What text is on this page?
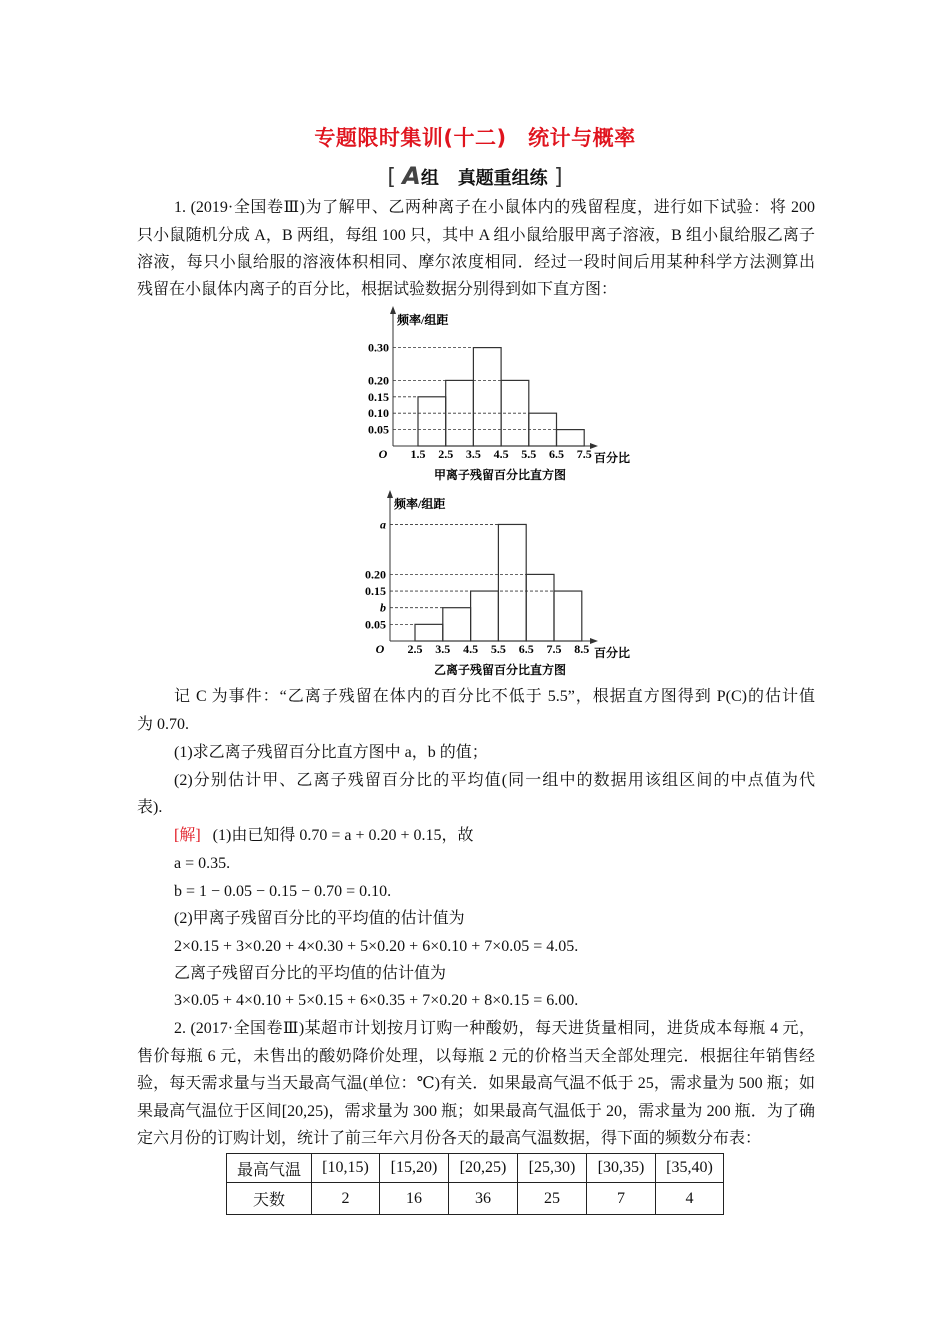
专题限时集训(十二)　统计与概率
[ A组 真题重组练 ]
1. (2019·全国卷Ⅲ)为了解甲、乙两种离子在小鼠体内的残留程度，进行如下试验：将 200
只小鼠随机分成 A，B 两组，每组 100 只，其中 A 组小鼠给服甲离子溶液，B 组小鼠给服乙离子
溶液，每只小鼠给服的溶液体积相同、摩尔浓度相同．经过一段时间后用某种科学方法测算出
残留在小鼠体内离子的百分比，根据试验数据分别得到如下直方图：
0.05
0.10
0.15
0.20
0.30
频率/组距
O 1.5 2.5 3.5 4.5 5.5 6.5 7.5 百分比
甲离子残留百分比直方图
0.05
b
0.15
0.20
a
频率/组距
O 2.5 3.5 4.5 5.5 6.5 7.5 8.5 百分比
乙离子残留百分比直方图
记 C 为事件：“乙离子残留在体内的百分比不低于 5.5”，根据直方图得到 P(C)的估计值
为 0.70.
(1)求乙离子残留百分比直方图中 a，b 的值；
(2)分别估计甲、乙离子残留百分比的平均值(同一组中的数据用该组区间的中点值为代
表).
[解] (1)由已知得 0.70 = a + 0.20 + 0.15，故
a = 0.35.
b = 1 − 0.05 − 0.15 − 0.70 = 0.10.
(2)甲离子残留百分比的平均值的估计值为
2×0.15 + 3×0.20 + 4×0.30 + 5×0.20 + 6×0.10 + 7×0.05 = 4.05.
乙离子残留百分比的平均值的估计值为
3×0.05 + 4×0.10 + 5×0.15 + 6×0.35 + 7×0.20 + 8×0.15 = 6.00.
2. (2017·全国卷Ⅲ)某超市计划按月订购一种酸奶，每天进货量相同，进货成本每瓶 4 元，
售价每瓶 6 元，未售出的酸奶降价处理，以每瓶 2 元的价格当天全部处理完．根据往年销售经
验，每天需求量与当天最高气温(单位：℃)有关．如果最高气温不低于 25，需求量为 500 瓶；如
果最高气温位于区间[20,25)，需求量为 300 瓶；如果最高气温低于 20，需求量为 200 瓶．为了确
定六月份的订购计划，统计了前三年六月份各天的最高气温数据，得下面的频数分布表：
最高气温	[10,15)	[15,20)	[20,25)	[25,30)	[30,35)	[35,40)
天数	2	16	36	25	7	4
